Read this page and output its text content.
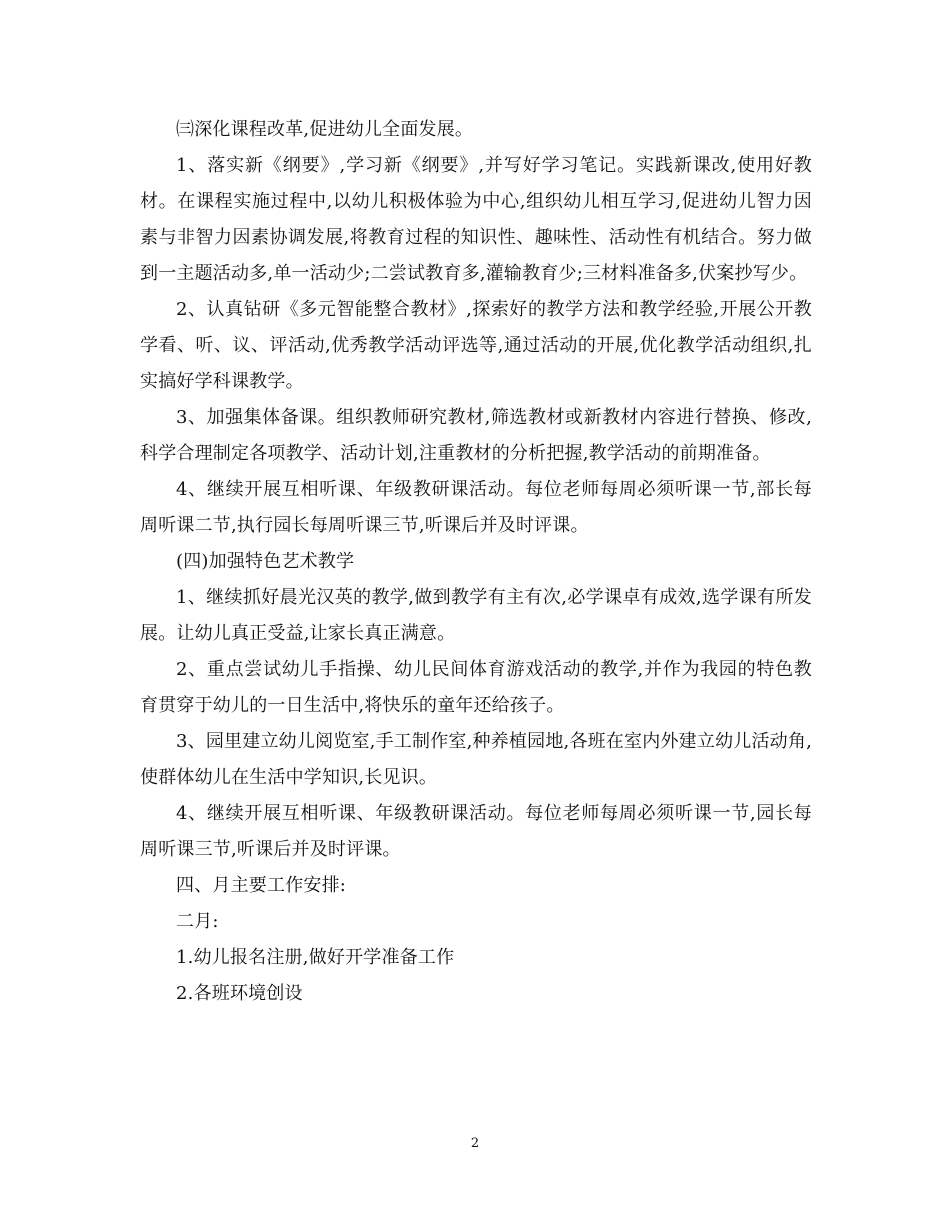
㈢深化课程改革,促进幼儿全面发展。

1、落实新《纲要》,学习新《纲要》,并写好学习笔记。实践新课改,使用好教材。在课程实施过程中,以幼儿积极体验为中心,组织幼儿相互学习,促进幼儿智力因素与非智力因素协调发展,将教育过程的知识性、趣味性、活动性有机结合。努力做到一主题活动多,单一活动少;二尝试教育多,灌输教育少;三材料准备多,伏案抄写少。

2、认真钻研《多元智能整合教材》,探索好的教学方法和教学经验,开展公开教学看、听、议、评活动,优秀教学活动评选等,通过活动的开展,优化教学活动组织,扎实搞好学科课教学。

3、加强集体备课。组织教师研究教材,筛选教材或新教材内容进行替换、修改,科学合理制定各项教学、活动计划,注重教材的分析把握,教学活动的前期准备。

4、继续开展互相听课、年级教研课活动。每位老师每周必须听课一节,部长每周听课二节,执行园长每周听课三节,听课后并及时评课。

(四)加强特色艺术教学

1、继续抓好晨光汉英的教学,做到教学有主有次,必学课卓有成效,选学课有所发展。让幼儿真正受益,让家长真正满意。

2、重点尝试幼儿手指操、幼儿民间体育游戏活动的教学,并作为我园的特色教育贯穿于幼儿的一日生活中,将快乐的童年还给孩子。

3、园里建立幼儿阅览室,手工制作室,种养植园地,各班在室内外建立幼儿活动角,使群体幼儿在生活中学知识,长见识。

4、继续开展互相听课、年级教研课活动。每位老师每周必须听课一节,园长每周听课三节,听课后并及时评课。

四、月主要工作安排:

二月:

1.幼儿报名注册,做好开学准备工作

2.各班环境创设

2
